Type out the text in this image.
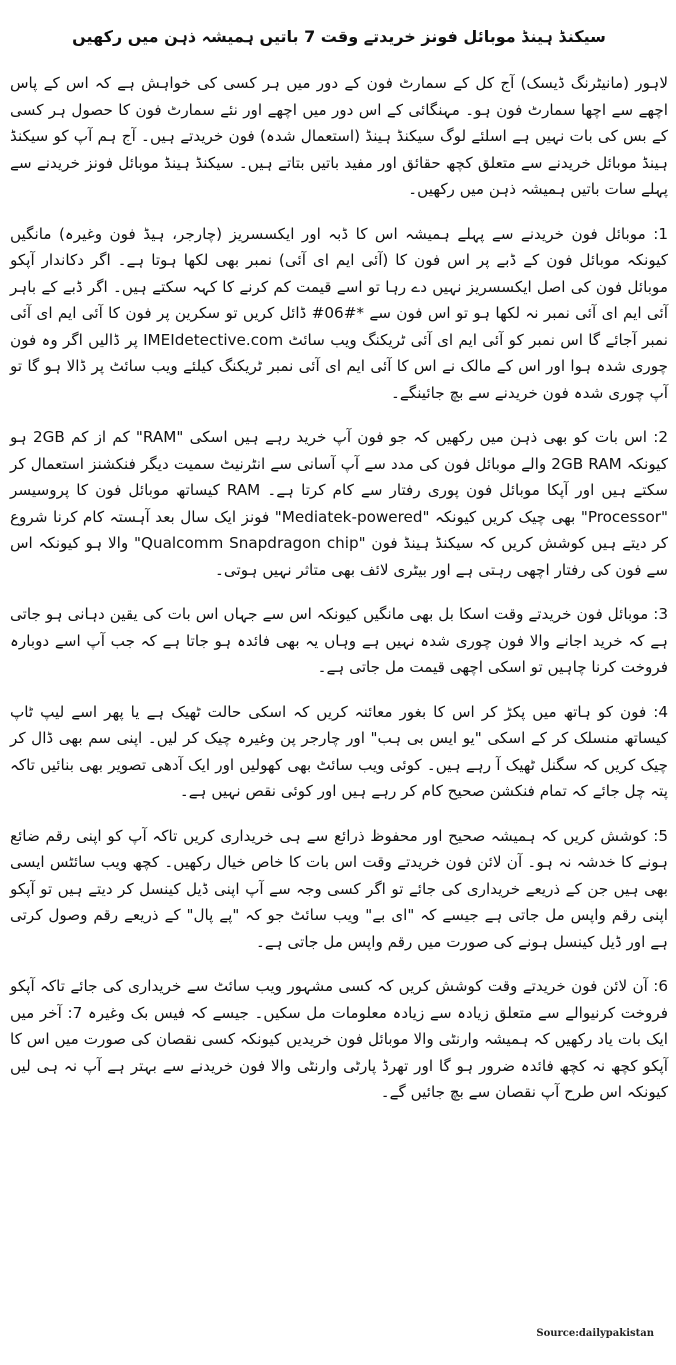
سیکنڈ ہینڈ موبائل فونز خریدتے وقت 7 باتیں ہمیشہ ذہن میں رکھیں

لاہور (مانیٹرنگ ڈیسک) آج کل کے سمارٹ فون کے دور میں ہر کسی کی خواہش ہے کہ اس کے پاس اچھے سے اچھا سمارٹ فون ہو۔ مہنگائی کے اس دور میں اچھے اور نئے سمارٹ فون کا حصول ہر کسی کے بس کی بات نہیں ہے اسلئے لوگ سیکنڈ ہینڈ (استعمال شدہ) فون خریدتے ہیں۔ آج ہم آپ کو سیکنڈ ہینڈ موبائل خریدنے سے متعلق کچھ حقائق اور مفید باتیں بتاتے ہیں۔ سیکنڈ ہینڈ موبائل فونز خریدنے سے پہلے سات باتیں ہمیشہ ذہن میں رکھیں۔

1: موبائل فون خریدنے سے پہلے ہمیشہ اس کا ڈبہ اور ایکسسریز (چارجر، ہیڈ فون وغیرہ) مانگیں کیونکہ موبائل فون کے ڈبے پر اس فون کا (آئی ایم ای آئی) نمبر بھی لکھا ہوتا ہے۔ اگر دکاندار آپکو موبائل فون کی اصل ایکسسریز نہیں دے رہا تو اسے قیمت کم کرنے کا کہہ سکتے ہیں۔ اگر ڈبے کے باہر آئی ایم ای آئی نمبر نہ لکھا ہو تو اس فون سے *#06# ڈائل کریں تو سکرین پر فون کا آئی ایم ای آئی نمبر آجائے گا اس نمبر کو آئی ایم ای آئی ٹریکنگ ویب سائٹ IMEIdetective.com پر ڈالیں اگر وہ فون چوری شدہ ہوا اور اس کے مالک نے اس کا آئی ایم ای آئی نمبر ٹریکنگ کیلئے ویب سائٹ پر ڈالا ہو گا تو آپ چوری شدہ فون خریدنے سے بچ جائینگے۔

2: اس بات کو بھی ذہن میں رکھیں کہ جو فون آپ خرید رہے ہیں اسکی "RAM" کم از کم 2GB ہو کیونکہ 2GB RAM والے موبائل فون کی مدد سے آپ آسانی سے انٹرنیٹ سمیت دیگر فنکشنز استعمال کر سکتے ہیں اور آپکا موبائل فون پوری رفتار سے کام کرتا ہے۔ RAM کیساتھ موبائل فون کا پروسیسر "Processor" بھی چیک کریں کیونکہ "Mediatek-powered" فونز ایک سال بعد آہستہ کام کرنا شروع کر دیتے ہیں کوشش کریں کہ سیکنڈ ہینڈ فون "Qualcomm Snapdragon chip" والا ہو کیونکہ اس سے فون کی رفتار اچھی رہتی ہے اور بیٹری لائف بھی متاثر نہیں ہوتی۔

3: موبائل فون خریدتے وقت اسکا بل بھی مانگیں کیونکہ اس سے جہاں اس بات کی یقین دہانی ہو جاتی ہے کہ خرید اجانے والا فون چوری شدہ نہیں ہے وہاں یہ بھی فائدہ ہو جاتا ہے کہ جب آپ اسے دوبارہ فروخت کرنا چاہیں تو اسکی اچھی قیمت مل جاتی ہے۔

4: فون کو ہاتھ میں پکڑ کر اس کا بغور معائنہ کریں کہ اسکی حالت ٹھیک ہے یا پھر اسے لیپ ٹاپ کیساتھ منسلک کر کے اسکی "یو ایس بی ہب" اور چارجر پن وغیرہ چیک کر لیں۔ اپنی سم بھی ڈال کر چیک کریں کہ سگنل ٹھیک آ رہے ہیں۔ کوئی ویب سائٹ بھی کھولیں اور ایک آدھی تصویر بھی بنائیں تاکہ پتہ چل جائے کہ تمام فنکشن صحیح کام کر رہے ہیں اور کوئی نقص نہیں ہے۔

5: کوشش کریں کہ ہمیشہ صحیح اور محفوظ ذرائع سے ہی خریداری کریں تاکہ آپ کو اپنی رقم ضائع ہونے کا خدشہ نہ ہو۔ آن لائن فون خریدتے وقت اس بات کا خاص خیال رکھیں۔ کچھ ویب سائٹس ایسی بھی ہیں جن کے ذریعے خریداری کی جائے تو اگر کسی وجہ سے آپ اپنی ڈیل کینسل کر دیتے ہیں تو آپکو اپنی رقم واپس مل جاتی ہے جیسے کہ "ای بے" ویب سائٹ جو کہ "پے پال" کے ذریعے رقم وصول کرتی ہے اور ڈیل کینسل ہونے کی صورت میں رقم واپس مل جاتی ہے۔

6: آن لائن فون خریدتے وقت کوشش کریں کہ کسی مشہور ویب سائٹ سے خریداری کی جائے تاکہ آپکو فروخت کرنیوالے سے متعلق زیادہ سے زیادہ معلومات مل سکیں۔ جیسے کہ فیس بک وغیرہ 7: آخر میں ایک بات یاد رکھیں کہ ہمیشہ وارنٹی والا موبائل فون خریدیں کیونکہ کسی نقصان کی صورت میں اس کا آپکو کچھ نہ کچھ فائدہ ضرور ہو گا اور تھرڈ پارٹی وارنٹی والا فون خریدنے سے بہتر ہے آپ نہ ہی لیں کیونکہ اس طرح آپ نقصان سے بچ جائیں گے۔

Source:dailypakistan
